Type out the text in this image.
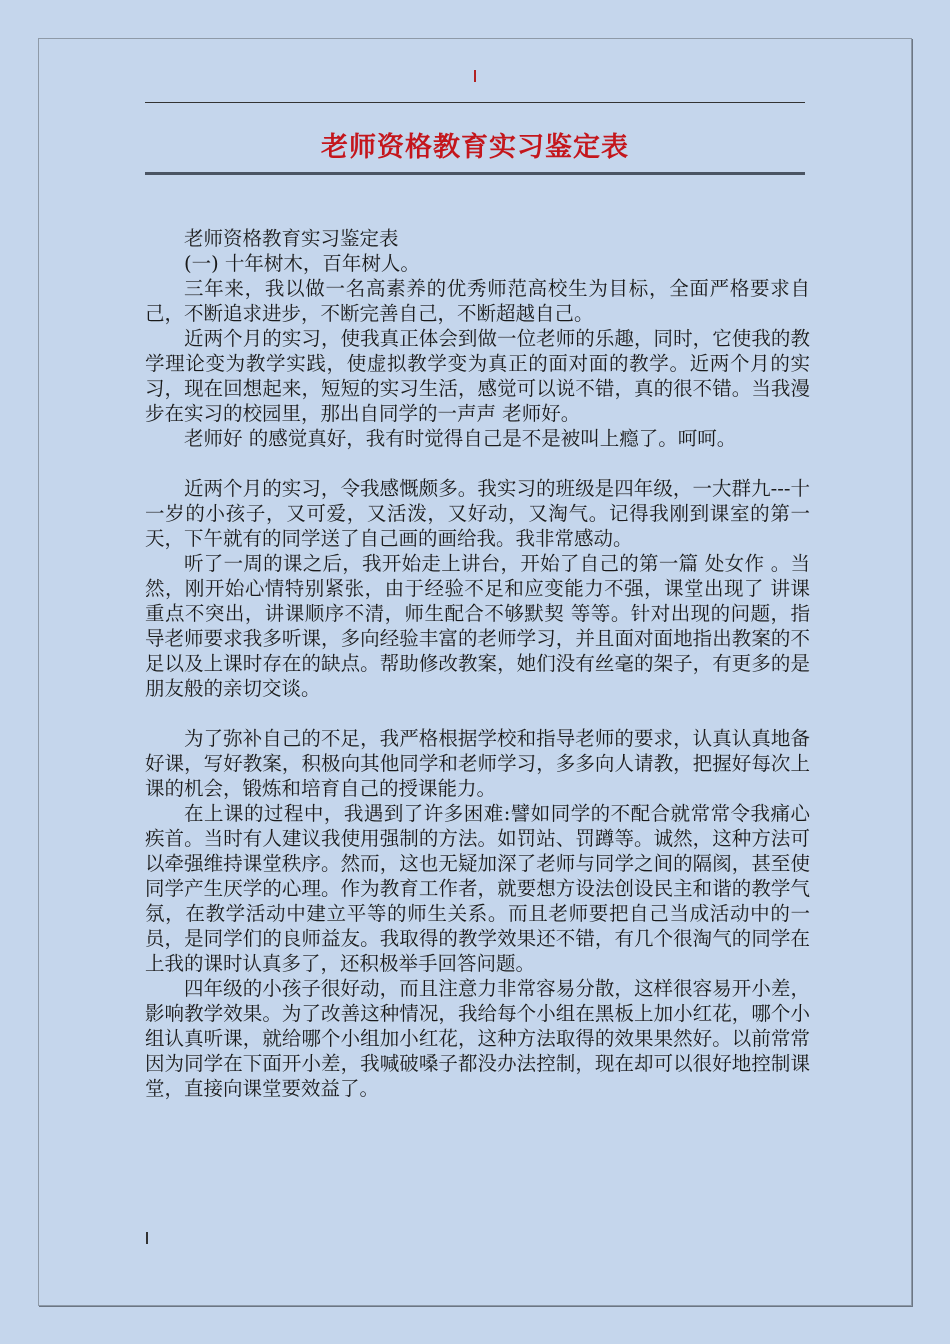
老师资格教育实习鉴定表

老师资格教育实习鉴定表

(一) 十年树木，百年树人。

三年来，我以做一名高素养的优秀师范高校生为目标，全面严格要求自己，不断追求进步，不断完善自己，不断超越自己。

近两个月的实习，使我真正体会到做一位老师的乐趣，同时，它使我的教学理论变为教学实践，使虚拟教学变为真正的面对面的教学。近两个月的实习，现在回想起来，短短的实习生活，感觉可以说不错，真的很不错。当我漫步在实习的校园里，那出自同学的一声声 老师好。

老师好 的感觉真好，我有时觉得自己是不是被叫上瘾了。呵呵。

近两个月的实习，令我感慨颇多。我实习的班级是四年级，一大群九---十一岁的小孩子，又可爱，又活泼，又好动，又淘气。记得我刚到课室的第一天，下午就有的同学送了自己画的画给我。我非常感动。

听了一周的课之后，我开始走上讲台，开始了自己的第一篇 处女作 。当然，刚开始心情特别紧张，由于经验不足和应变能力不强，课堂出现了 讲课重点不突出，讲课顺序不清，师生配合不够默契 等等。针对出现的问题，指导老师要求我多听课，多向经验丰富的老师学习，并且面对面地指出教案的不足以及上课时存在的缺点。帮助修改教案，她们没有丝毫的架子，有更多的是朋友般的亲切交谈。

为了弥补自己的不足，我严格根据学校和指导老师的要求，认真认真地备好课，写好教案，积极向其他同学和老师学习，多多向人请教，把握好每次上课的机会，锻炼和培育自己的授课能力。

在上课的过程中，我遇到了许多困难:譬如同学的不配合就常常令我痛心疾首。当时有人建议我使用强制的方法。如罚站、罚蹲等。诚然，这种方法可以牵强维持课堂秩序。然而，这也无疑加深了老师与同学之间的隔阂，甚至使同学产生厌学的心理。作为教育工作者，就要想方设法创设民主和谐的教学气氛，在教学活动中建立平等的师生关系。而且老师要把自己当成活动中的一员，是同学们的良师益友。我取得的教学效果还不错，有几个很淘气的同学在上我的课时认真多了，还积极举手回答问题。

四年级的小孩子很好动，而且注意力非常容易分散，这样很容易开小差，影响教学效果。为了改善这种情况，我给每个小组在黑板上加小红花，哪个小组认真听课，就给哪个小组加小红花，这种方法取得的效果果然好。以前常常因为同学在下面开小差，我喊破嗓子都没办法控制，现在却可以很好地控制课堂，直接向课堂要效益了。
